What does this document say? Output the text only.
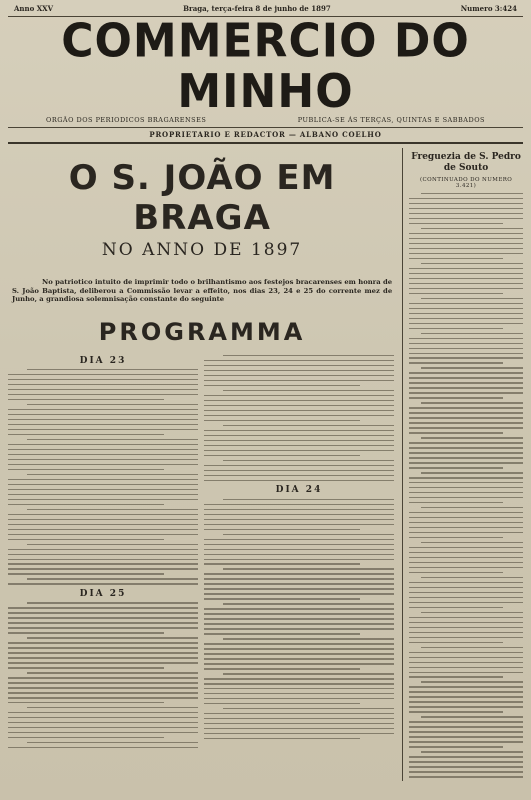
Anno XXV	Braga, terça-feira 8 de junho de 1897	Numero 3:424
COMMERCIO DO MINHO
ORGÃO DOS PERIODICOS BRAGARENSES	PUBLICA-SE ÁS TERÇAS, QUINTAS E SABBADOS
PROPRIETARIO E REDACTOR — ALBANO COELHO
O S. JOÃO EM BRAGA
NO ANNO DE 1897
No patriotico intuito de imprimir todo o brilhantismo aos festejos bracarenses em honra de S. João Baptista, deliberou a Commissão levar a effeito, nos dias 23, 24 e 25 do corrente mez de Junho, a grandiosa solemnisação constante do seguinte
PROGRAMMA
DIA 23
DIA 25
DIA 24
Freguezia de S. Pedro de Souto
(CONTINUADO DO NUMERO 3.421)
